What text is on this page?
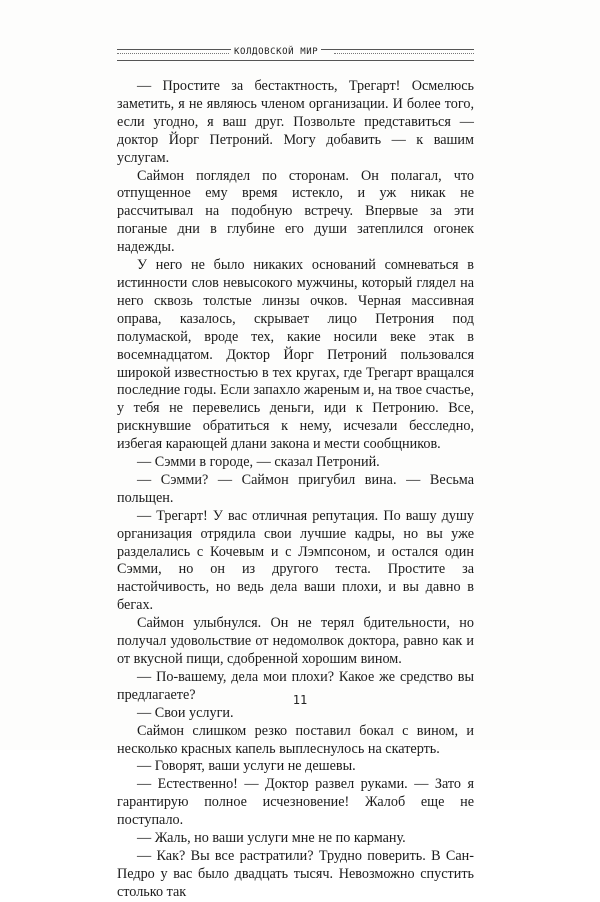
КОЛДОВСКОЙ МИР

— Простите за бестактность, Трегарт! Осмелюсь заметить, я не являюсь членом организации. И более того, если угодно, я ваш друг. Позвольте представиться — доктор Йорг Петроний. Могу добавить — к вашим услугам.

Саймон поглядел по сторонам. Он полагал, что отпущенное ему время истекло, и уж никак не рассчитывал на подобную встречу. Впервые за эти поганые дни в глубине его души затеплился огонек надежды.

У него не было никаких оснований сомневаться в истинности слов невысокого мужчины, который глядел на него сквозь толстые линзы очков. Черная массивная оправа, казалось, скрывает лицо Петрония под полумаской, вроде тех, какие носили веке этак в восемнадцатом. Доктор Йорг Петроний пользовался широкой известностью в тех кругах, где Трегарт вращался последние годы. Если запахло жареным и, на твое счастье, у тебя не перевелись деньги, иди к Петронию. Все, рискнувшие обратиться к нему, исчезали бесследно, избегая карающей длани закона и мести сообщников.

— Сэмми в городе, — сказал Петроний.

— Сэмми? — Саймон пригубил вина. — Весьма польщен.

— Трегарт! У вас отличная репутация. По вашу душу организация отрядила свои лучшие кадры, но вы уже разделались с Кочевым и с Лэмпсоном, и остался один Сэмми, но он из другого теста. Простите за настойчивость, но ведь дела ваши плохи, и вы давно в бегах.

Саймон улыбнулся. Он не терял бдительности, но получал удовольствие от недомолвок доктора, равно как и от вкусной пищи, сдобренной хорошим вином.

— По-вашему, дела мои плохи? Какое же средство вы предлагаете?

— Свои услуги.

Саймон слишком резко поставил бокал с вином, и несколько красных капель выплеснулось на скатерть.

— Говорят, ваши услуги не дешевы.

— Естественно! — Доктор развел руками. — Зато я гарантирую полное исчезновение! Жалоб еще не поступало.

— Жаль, но ваши услуги мне не по карману.

— Как? Вы все растратили? Трудно поверить. В Сан-Педро у вас было двадцать тысяч. Невозможно спустить столько так

11
